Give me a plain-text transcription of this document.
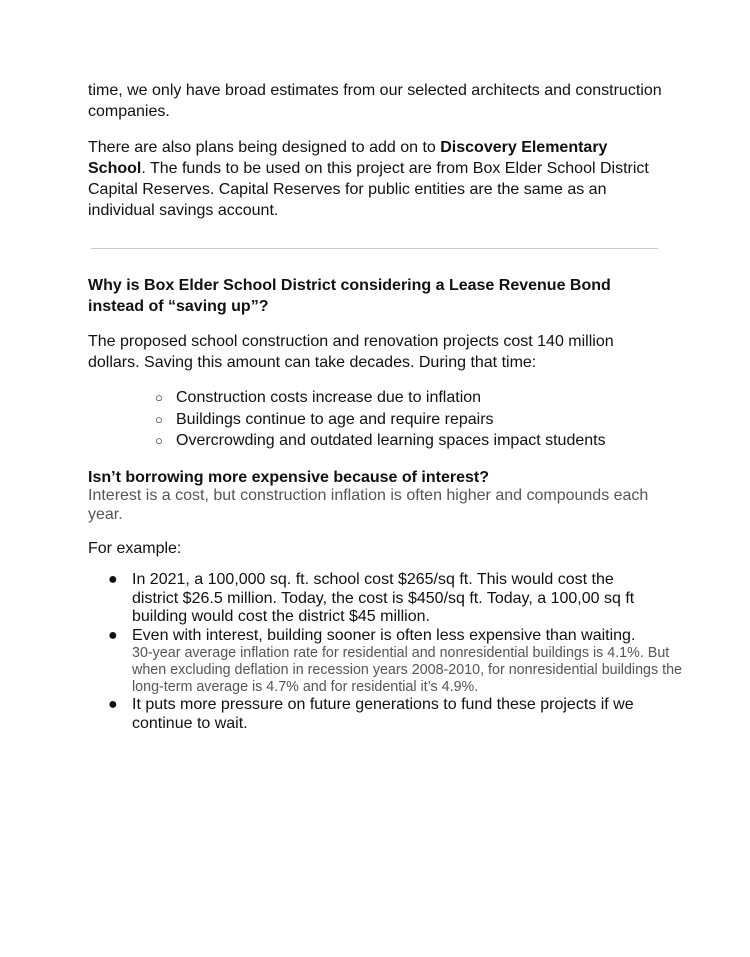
time, we only have broad estimates from our selected architects and construction companies.

There are also plans being designed to add on to Discovery Elementary School. The funds to be used on this project are from Box Elder School District Capital Reserves. Capital Reserves for public entities are the same as an individual savings account.

Why is Box Elder School District considering a Lease Revenue Bond instead of “saving up”?

The proposed school construction and renovation projects cost 140 million dollars. Saving this amount can take decades. During that time:

○ Construction costs increase due to inflation
○ Buildings continue to age and require repairs
○ Overcrowding and outdated learning spaces impact students
Isn’t borrowing more expensive because of interest?

Interest is a cost, but construction inflation is often higher and compounds each year.

For example:

● In 2021, a 100,000 sq. ft. school cost $265/sq ft. This would cost the district $26.5 million. Today, the cost is $450/sq ft. Today, a 100,00 sq ft building would cost the district $45 million.
● Even with interest, building sooner is often less expensive than waiting.
30-year average inflation rate for residential and nonresidential buildings is 4.1%. But when excluding deflation in recession years 2008-2010, for nonresidential buildings the long-term average is 4.7% and for residential it’s 4.9%.
● It puts more pressure on future generations to fund these projects if we continue to wait.
